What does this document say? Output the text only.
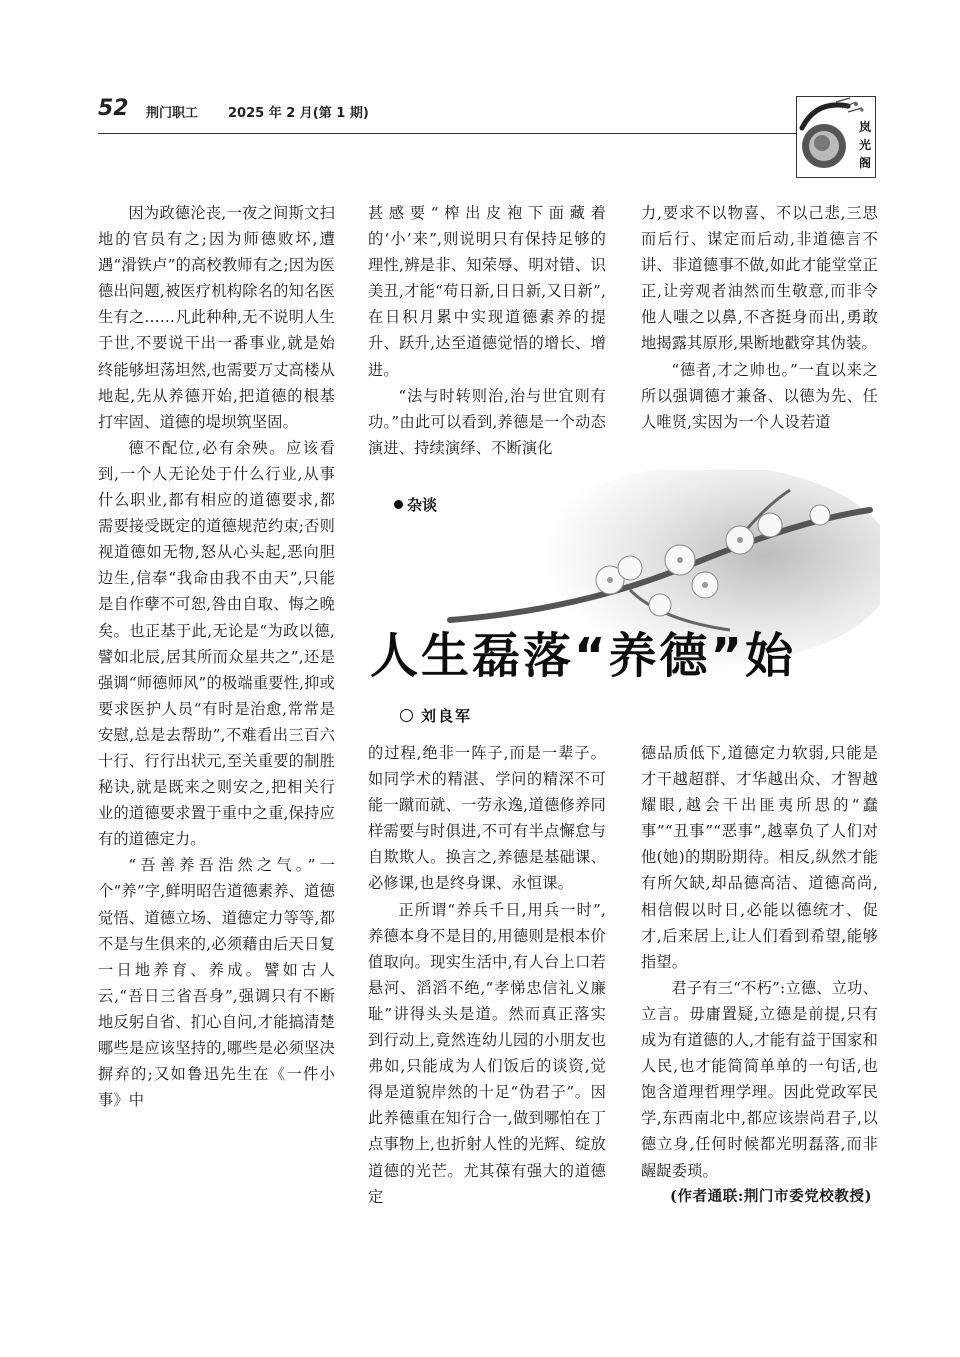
52 荆门职工 2025 年 2 月(第 1 期)
岚光阁

因为政德沦丧,一夜之间斯文扫地的官员有之;因为师德败坏,遭遇“滑铁卢”的高校教师有之;因为医德出问题,被医疗机构除名的知名医生有之……凡此种种,无不说明人生于世,不要说干出一番事业,就是始终能够坦荡坦然,也需要万丈高楼从地起,先从养德开始,把道德的根基打牢固、道德的堤坝筑坚固。

德不配位,必有余殃。应该看到,一个人无论处于什么行业,从事什么职业,都有相应的道德要求,都需要接受既定的道德规范约束;否则视道德如无物,怒从心头起,恶向胆边生,信奉“我命由我不由天”,只能是自作孽不可恕,咎由自取、悔之晚矣。也正基于此,无论是“为政以德,譬如北辰,居其所而众星共之”,还是强调“师德师风”的极端重要性,抑或要求医护人员“有时是治愈,常常是安慰,总是去帮助”,不难看出三百六十行、行行出状元,至关重要的制胜秘诀,就是既来之则安之,把相关行业的道德要求置于重中之重,保持应有的道德定力。

“吾善养吾浩然之气。”一个“养”字,鲜明昭告道德素养、道德觉悟、道德立场、道德定力等等,都不是与生俱来的,必须藉由后天日复一日地养育、养成。譬如古人云,“吾日三省吾身”,强调只有不断地反躬自省、扪心自问,才能搞清楚哪些是应该坚持的,哪些是必须坚决摒弃的;又如鲁迅先生在《一件小事》中

甚感要“榨出皮袍下面藏着的‘小’来”,则说明只有保持足够的理性,辨是非、知荣辱、明对错、识美丑,才能“苟日新,日日新,又日新”,在日积月累中实现道德素养的提升、跃升,达至道德觉悟的增长、增进。

“法与时转则治,治与世宜则有功。”由此可以看到,养德是一个动态演进、持续演绎、不断演化

力,要求不以物喜、不以己悲,三思而后行、谋定而后动,非道德言不讲、非道德事不做,如此才能堂堂正正,让旁观者油然而生敬意,而非令他人嗤之以鼻,不吝挺身而出,勇敢地揭露其原形,果断地戳穿其伪装。

“德者,才之帅也。”一直以来之所以强调德才兼备、以德为先、任人唯贤,实因为一个人设若道

杂谈
人生磊落“养德”始
刘良军

的过程,绝非一阵子,而是一辈子。如同学术的精湛、学问的精深不可能一蹴而就、一劳永逸,道德修养同样需要与时俱进,不可有半点懈怠与自欺欺人。换言之,养德是基础课、必修课,也是终身课、永恒课。

正所谓“养兵千日,用兵一时”,养德本身不是目的,用德则是根本价值取向。现实生活中,有人台上口若悬河、滔滔不绝,“孝悌忠信礼义廉耻”讲得头头是道。然而真正落实到行动上,竟然连幼儿园的小朋友也弗如,只能成为人们饭后的谈资,觉得是道貌岸然的十足“伪君子”。因此养德重在知行合一,做到哪怕在丁点事物上,也折射人性的光辉、绽放道德的光芒。尤其葆有强大的道德定

德品质低下,道德定力软弱,只能是才干越超群、才华越出众、才智越耀眼,越会干出匪夷所思的“蠢事”“丑事”“恶事”,越辜负了人们对他(她)的期盼期待。相反,纵然才能有所欠缺,却品德高洁、道德高尚,相信假以时日,必能以德统才、促才,后来居上,让人们看到希望,能够指望。

君子有三“不朽”:立德、立功、立言。毋庸置疑,立德是前提,只有成为有道德的人,才能有益于国家和人民,也才能简简单单的一句话,也饱含道理哲理学理。因此党政军民学,东西南北中,都应该崇尚君子,以德立身,任何时候都光明磊落,而非龌龊委琐。

(作者通联:荆门市委党校教授)
